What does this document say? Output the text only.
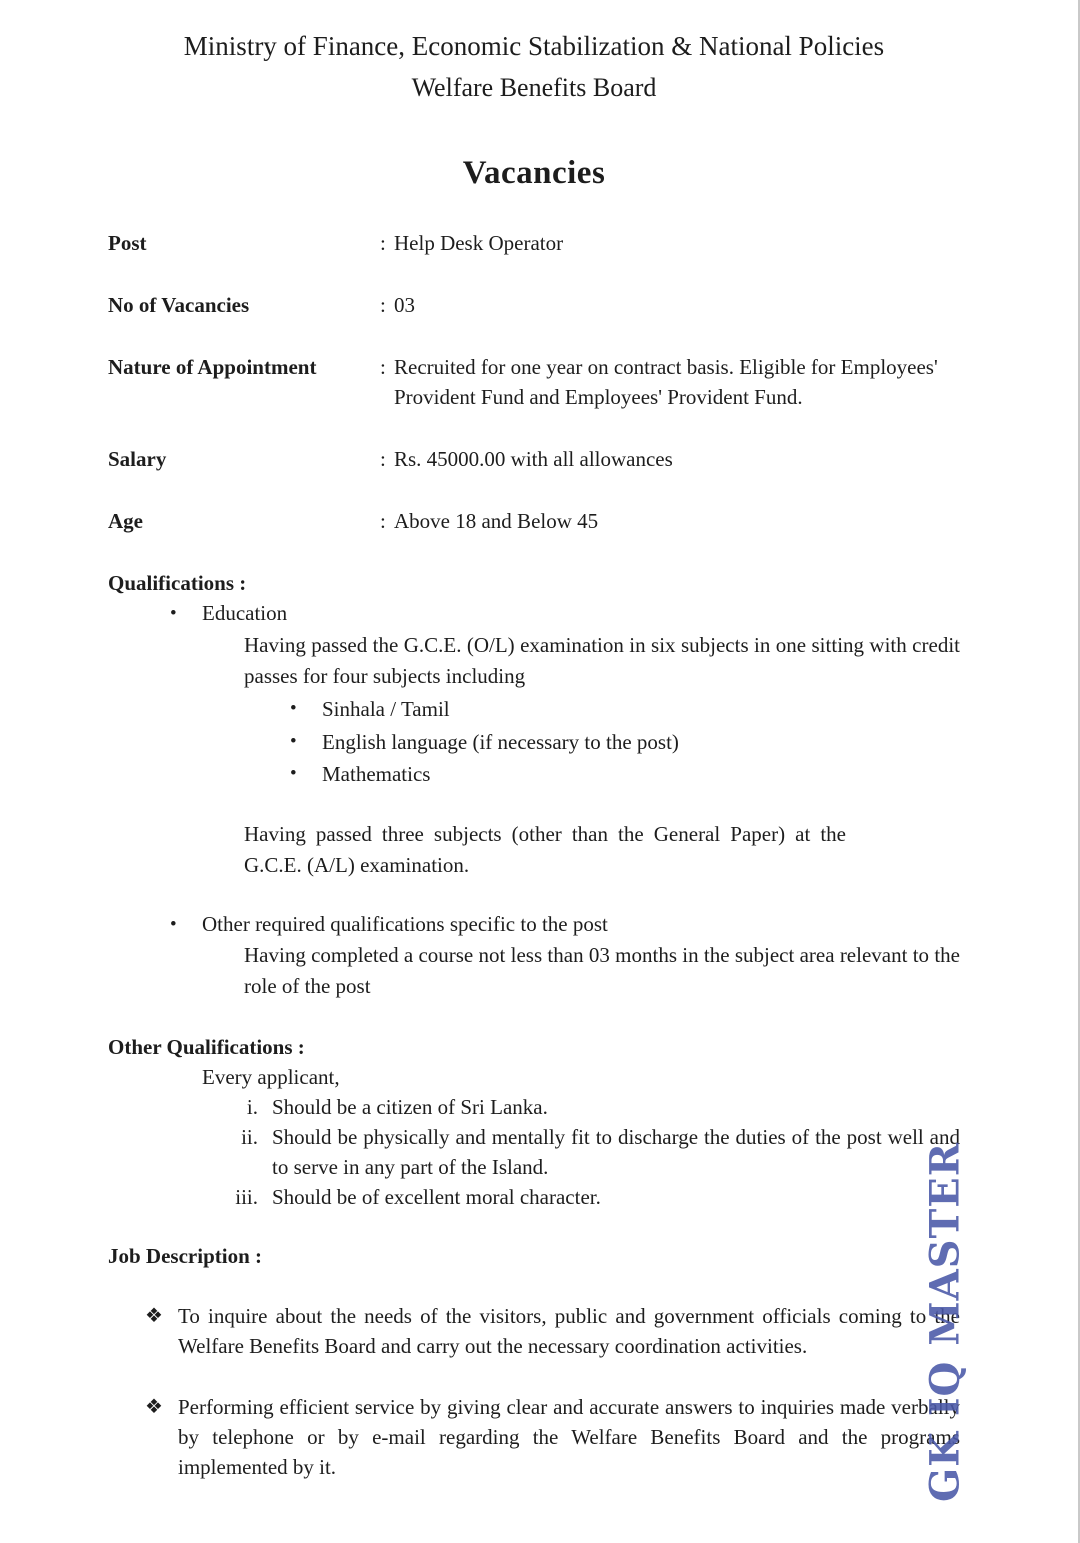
Ministry of Finance, Economic Stabilization & National Policies
Welfare Benefits Board
Vacancies
Post	: Help Desk Operator
No of Vacancies	: 03
Nature of Appointment	: Recruited for one year on contract basis. Eligible for Employees' Provident Fund and Employees' Provident Fund.
Salary	: Rs. 45000.00 with all allowances
Age	: Above 18 and Below 45
Qualifications :
•	Education
Having passed the G.C.E. (O/L) examination in six subjects in one sitting with credit passes for four subjects including
•	Sinhala / Tamil
•	English language (if necessary to the post)
•	Mathematics
Having passed three subjects (other than the General Paper) at the G.C.E. (A/L) examination.
•	Other required qualifications specific to the post
Having completed a course not less than 03 months in the subject area relevant to the role of the post
Other Qualifications :
Every applicant,
i. Should be a citizen of Sri Lanka.
ii. Should be physically and mentally fit to discharge the duties of the post well and to serve in any part of the Island.
iii. Should be of excellent moral character.
Job Description :
❖ To inquire about the needs of the visitors, public and government officials coming to the Welfare Benefits Board and carry out the necessary coordination activities.
❖ Performing efficient service by giving clear and accurate answers to inquiries made verbally by telephone or by e-mail regarding the Welfare Benefits Board and the programs implemented by it.	GK IQ MASTER
